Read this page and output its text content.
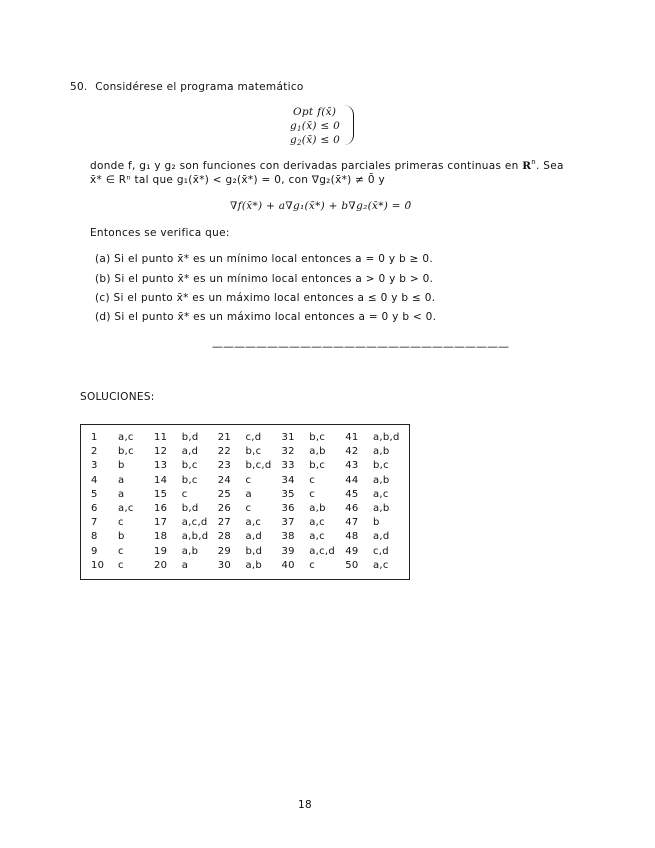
50. Considérese el programa matemático
Opt f(x̄)
$g_1(x̄) \le 0$
$g_2(x̄) \le 0$
donde f, g₁ y g₂ son funciones con derivadas parciales primeras continuas en $R^n$. Sea
x̄* ∈ Rⁿ tal que g₁(x̄*) < g₂(x̄*) = 0, con ∇g₂(x̄*) ≠ 0̄ y
∇f(x̄*) + a∇g₁(x̄*) + b∇g₂(x̄*) = 0̄
Entonces se verifica que:
(a) Si el punto x̄* es un mínimo local entonces a = 0 y b ≥ 0.
(b) Si el punto x̄* es un mínimo local entonces a > 0 y b > 0.
(c) Si el punto x̄* es un máximo local entonces a ≤ 0 y b ≤ 0.
(d) Si el punto x̄* es un máximo local entonces a = 0 y b < 0.
———————————————————————————
SOLUCIONES:
1	a,c	11	b,d	21	c,d	31	b,c	41	a,b,d
2	b,c	12	a,d	22	b,c	32	a,b	42	a,b
3	b	13	b,c	23	b,c,d	33	b,c	43	b,c
4	a	14	b,c	24	c	34	c	44	a,b
5	a	15	c	25	a	35	c	45	a,c
6	a,c	16	b,d	26	c	36	a,b	46	a,b
7	c	17	a,c,d	27	a,c	37	a,c	47	b
8	b	18	a,b,d	28	a,d	38	a,c	48	a,d
9	c	19	a,b	29	b,d	39	a,c,d	49	c,d
10	c	20	a	30	a,b	40	c	50	a,c
18
